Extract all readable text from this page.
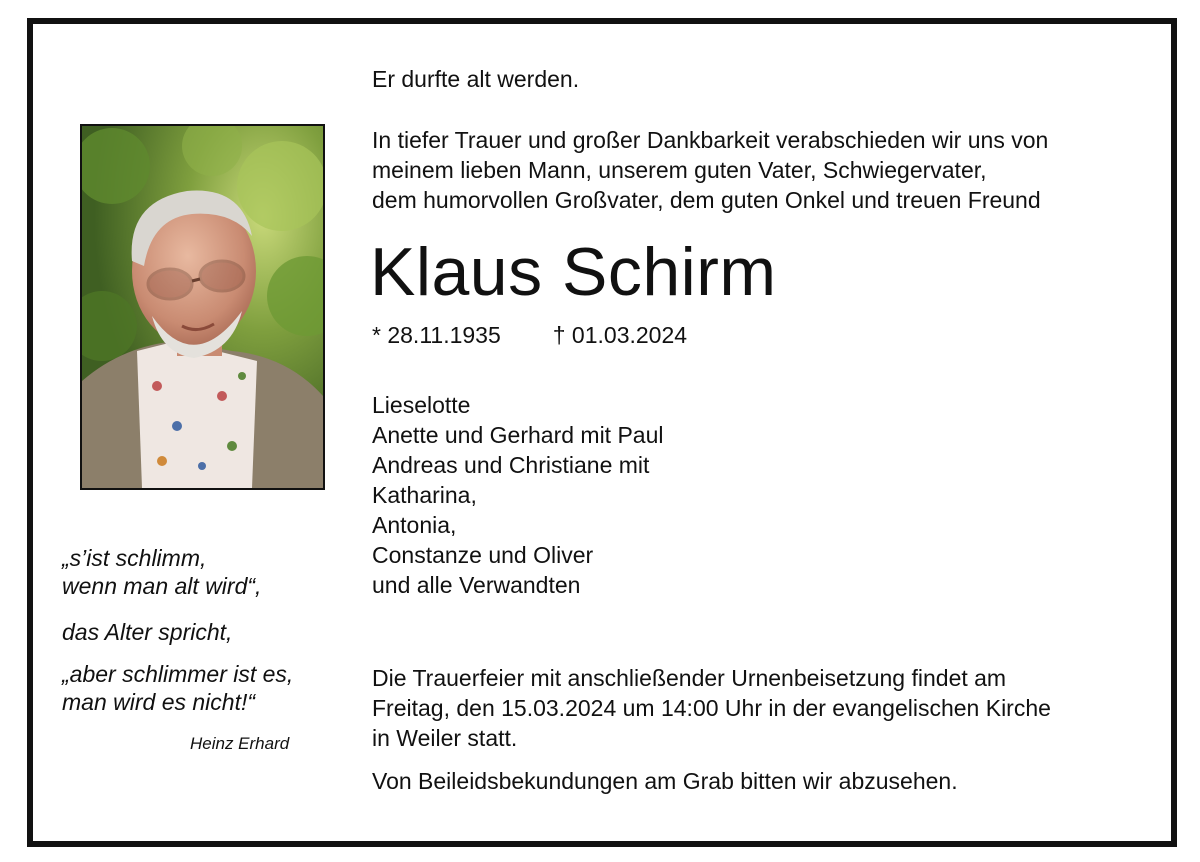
Er durfte alt werden.
In tiefer Trauer und großer Dankbarkeit verabschieden wir uns von
meinem lieben Mann, unserem guten Vater, Schwiegervater,
dem humorvollen Großvater, dem guten Onkel und treuen Freund
Klaus Schirm
* 28.11.1935 † 01.03.2024
Lieselotte
Anette und Gerhard mit Paul
Andreas und Christiane mit
Katharina,
Antonia,
Constanze und Oliver
und alle Verwandten
Die Trauerfeier mit anschließender Urnenbeisetzung findet am
Freitag, den 15.03.2024 um 14:00 Uhr in der evangelischen Kirche
in Weiler statt.
Von Beileidsbekundungen am Grab bitten wir abzusehen.
„s’ist schlimm,
wenn man alt wird“,
das Alter spricht,
„aber schlimmer ist es,
man wird es nicht!“
Heinz Erhard
